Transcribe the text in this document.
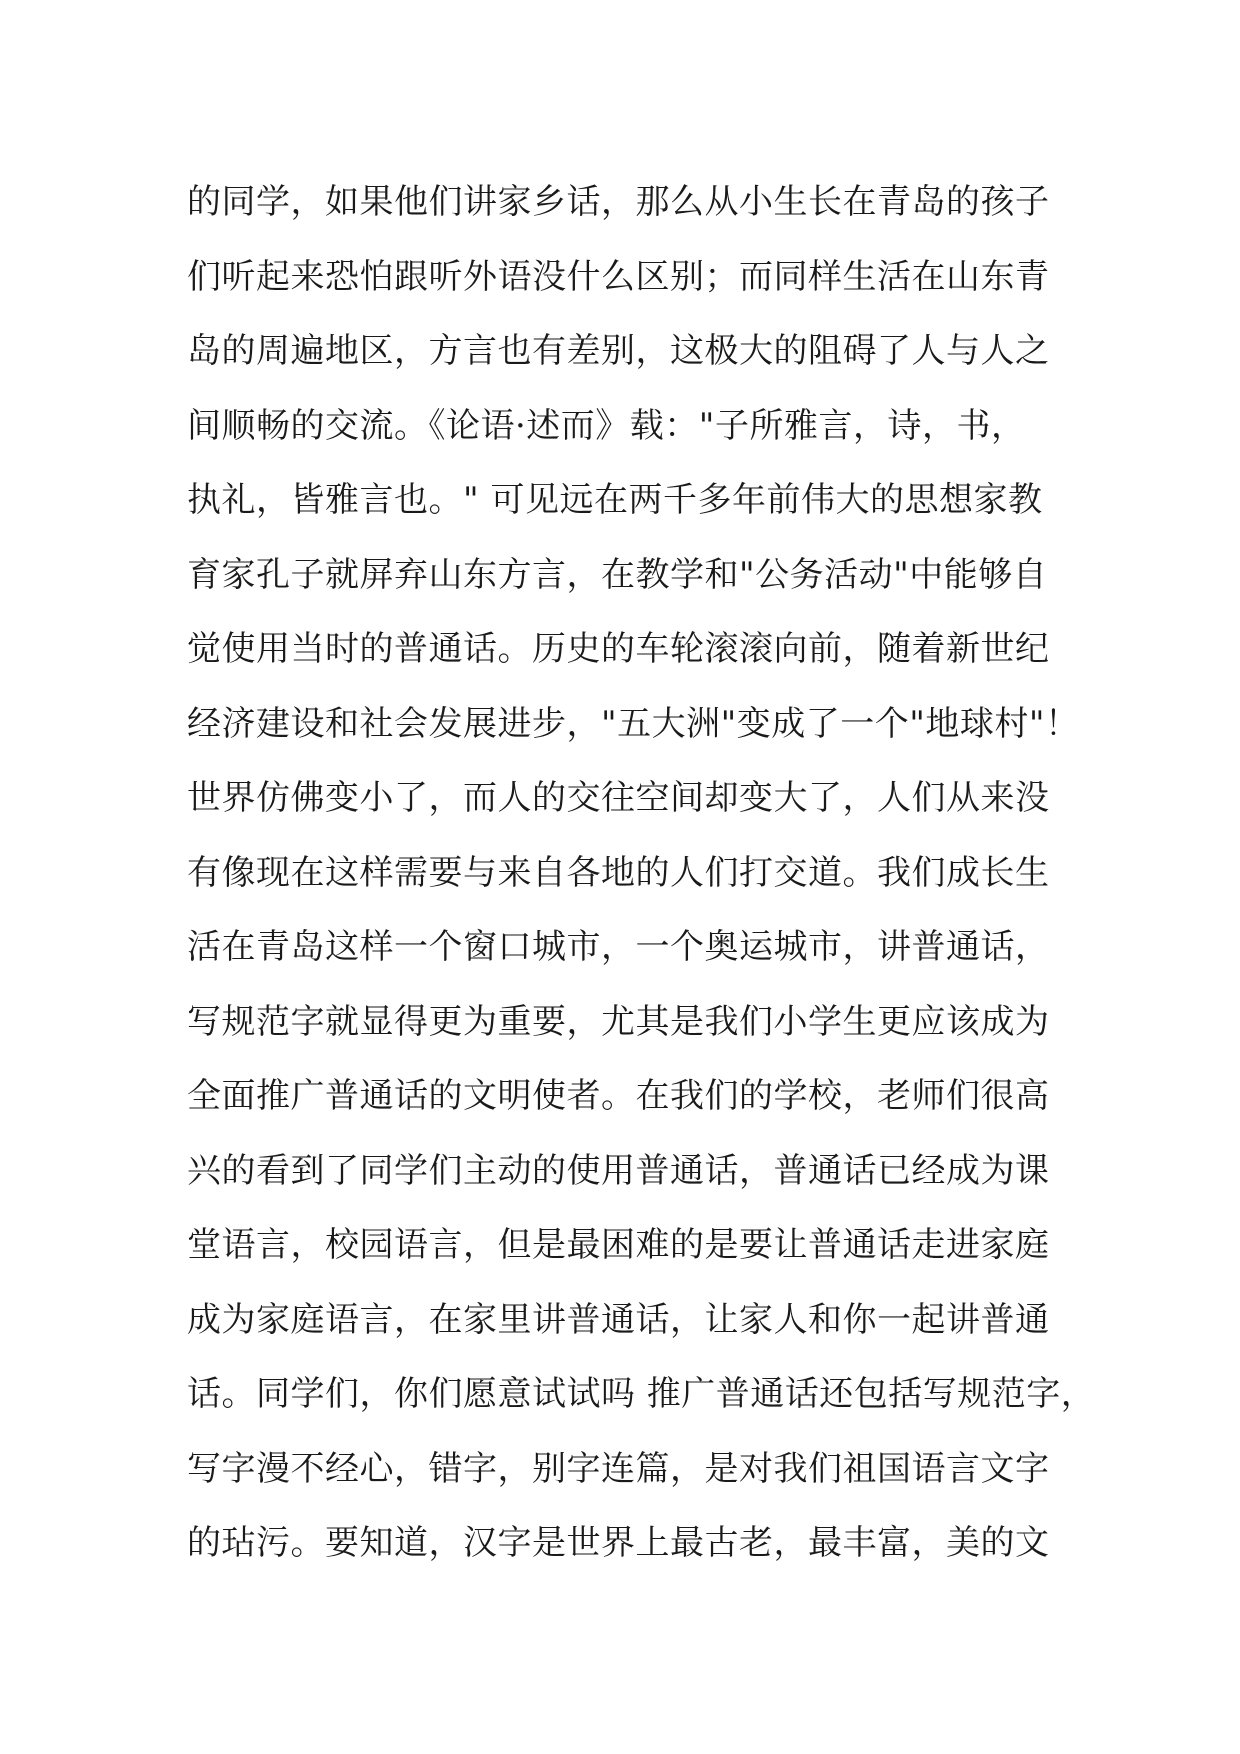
的同学，如果他们讲家乡话，那么从小生长在青岛的孩子
们听起来恐怕跟听外语没什么区别；而同样生活在山东青
岛的周遍地区，方言也有差别，这极大的阻碍了人与人之
间顺畅的交流。《论语·述而》载："子所雅言，诗，书，
执礼，皆雅言也。" 可见远在两千多年前伟大的思想家教
育家孔子就屏弃山东方言，在教学和"公务活动"中能够自
觉使用当时的普通话。历史的车轮滚滚向前，随着新世纪
经济建设和社会发展进步，"五大洲"变成了一个"地球村"！
世界仿佛变小了，而人的交往空间却变大了，人们从来没
有像现在这样需要与来自各地的人们打交道。我们成长生
活在青岛这样一个窗口城市，一个奥运城市，讲普通话，
写规范字就显得更为重要，尤其是我们小学生更应该成为
全面推广普通话的文明使者。在我们的学校，老师们很高
兴的看到了同学们主动的使用普通话，普通话已经成为课
堂语言，校园语言，但是最困难的是要让普通话走进家庭
成为家庭语言，在家里讲普通话，让家人和你一起讲普通
话。同学们，你们愿意试试吗 推广普通话还包括写规范字，
写字漫不经心，错字，别字连篇，是对我们祖国语言文字
的玷污。要知道，汉字是世界上最古老，最丰富，美的文
